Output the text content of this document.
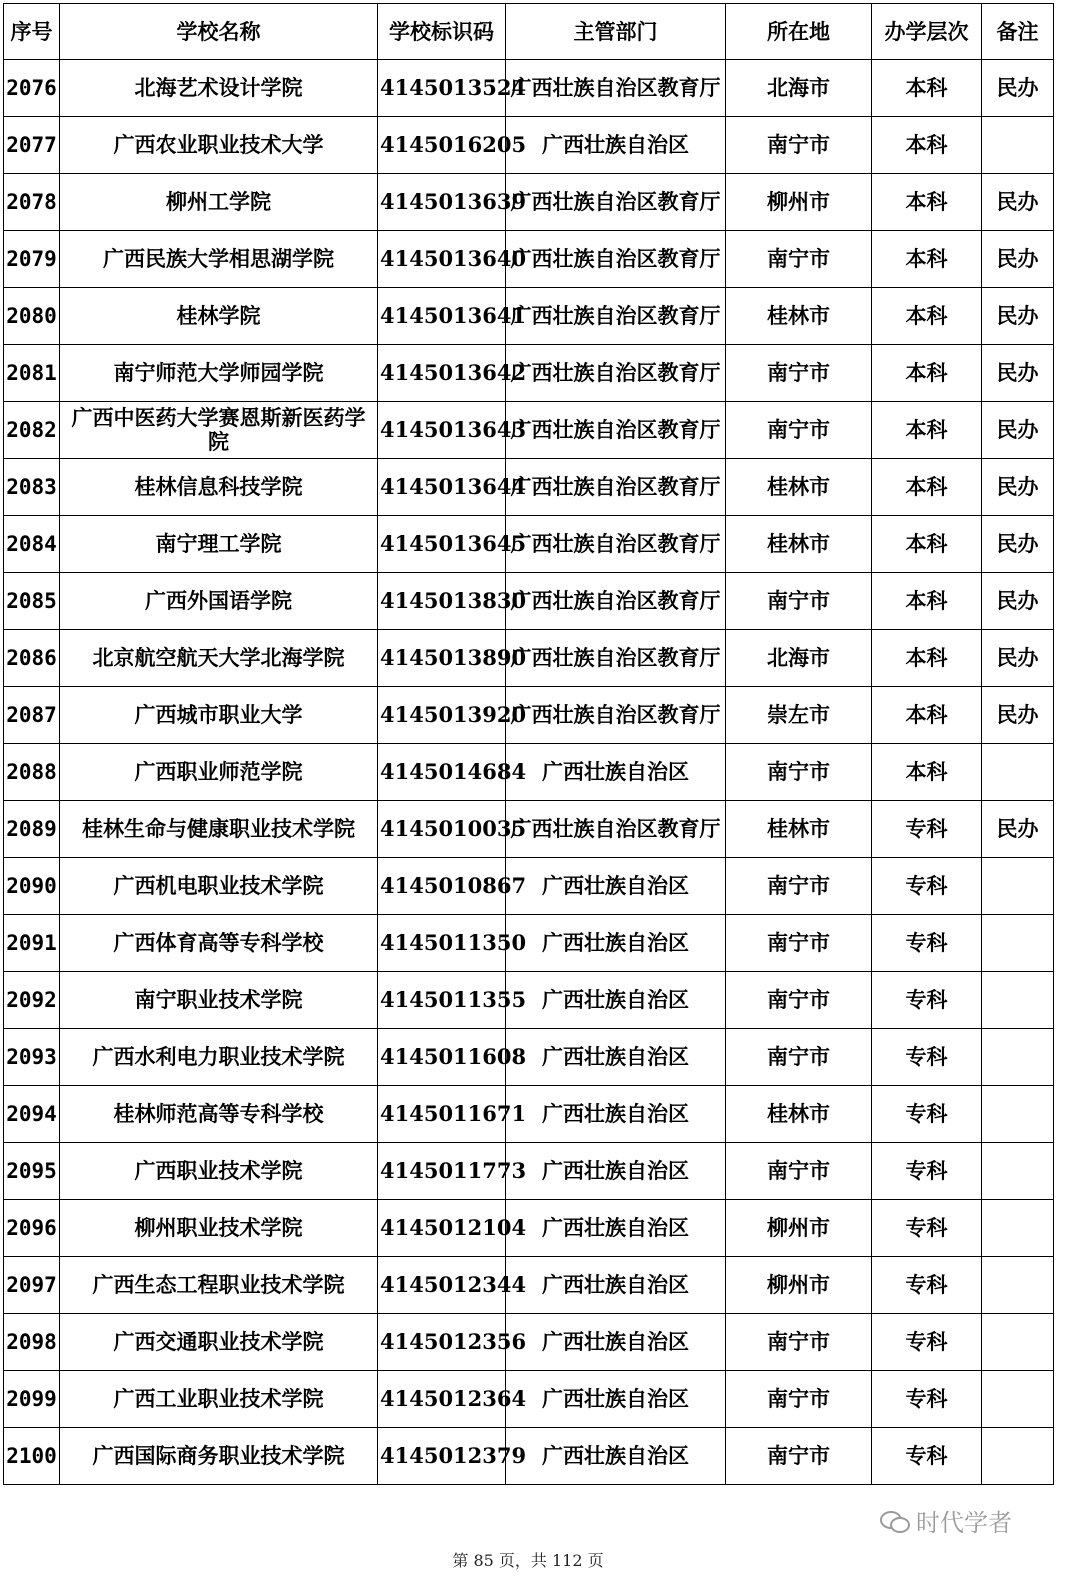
序号	学校名称	学校标识码	主管部门	所在地	办学层次	备注
2076	北海艺术设计学院	4145013524	广西壮族自治区教育厅	北海市	本科	民办
2077	广西农业职业技术大学	4145016205	广西壮族自治区	南宁市	本科	
2078	柳州工学院	4145013639	广西壮族自治区教育厅	柳州市	本科	民办
2079	广西民族大学相思湖学院	4145013640	广西壮族自治区教育厅	南宁市	本科	民办
2080	桂林学院	4145013641	广西壮族自治区教育厅	桂林市	本科	民办
2081	南宁师范大学师园学院	4145013642	广西壮族自治区教育厅	南宁市	本科	民办
2082	广西中医药大学赛恩斯新医药学院	4145013643	广西壮族自治区教育厅	南宁市	本科	民办
2083	桂林信息科技学院	4145013644	广西壮族自治区教育厅	桂林市	本科	民办
2084	南宁理工学院	4145013645	广西壮族自治区教育厅	桂林市	本科	民办
2085	广西外国语学院	4145013830	广西壮族自治区教育厅	南宁市	本科	民办
2086	北京航空航天大学北海学院	4145013890	广西壮族自治区教育厅	北海市	本科	民办
2087	广西城市职业大学	4145013920	广西壮族自治区教育厅	崇左市	本科	民办
2088	广西职业师范学院	4145014684	广西壮族自治区	南宁市	本科	
2089	桂林生命与健康职业技术学院	4145010035	广西壮族自治区教育厅	桂林市	专科	民办
2090	广西机电职业技术学院	4145010867	广西壮族自治区	南宁市	专科	
2091	广西体育高等专科学校	4145011350	广西壮族自治区	南宁市	专科	
2092	南宁职业技术学院	4145011355	广西壮族自治区	南宁市	专科	
2093	广西水利电力职业技术学院	4145011608	广西壮族自治区	南宁市	专科	
2094	桂林师范高等专科学校	4145011671	广西壮族自治区	桂林市	专科	
2095	广西职业技术学院	4145011773	广西壮族自治区	南宁市	专科	
2096	柳州职业技术学院	4145012104	广西壮族自治区	柳州市	专科	
2097	广西生态工程职业技术学院	4145012344	广西壮族自治区	柳州市	专科	
2098	广西交通职业技术学院	4145012356	广西壮族自治区	南宁市	专科	
2099	广西工业职业技术学院	4145012364	广西壮族自治区	南宁市	专科	
2100	广西国际商务职业技术学院	4145012379	广西壮族自治区	南宁市	专科	
时代学者
第 85 页，共 112 页
